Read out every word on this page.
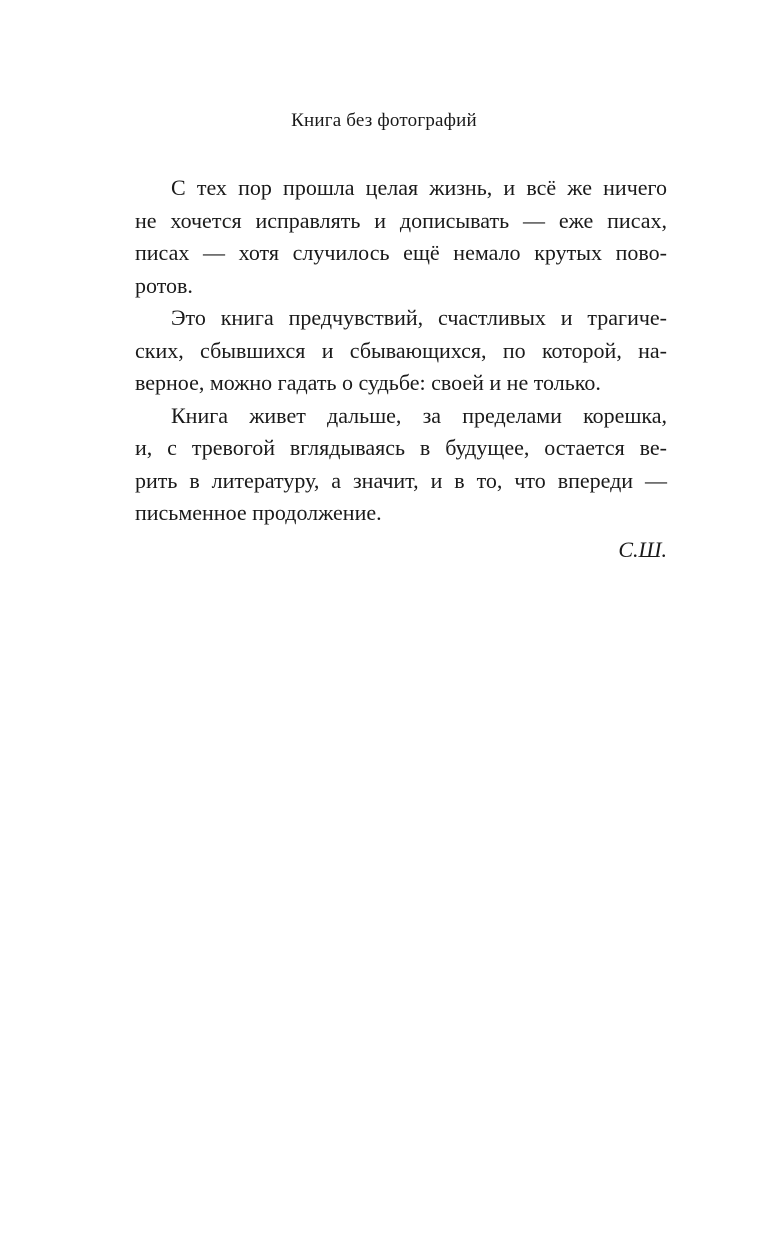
Книга без фотографий
С тех пор прошла целая жизнь, и всё же ничего
не хочется исправлять и дописывать — еже писах,
писах — хотя случилось ещё немало крутых пово-
ротов.
Это книга предчувствий, счастливых и трагиче-
ских, сбывшихся и сбывающихся, по которой, на-
верное, можно гадать о судьбе: своей и не только.
Книга живет дальше, за пределами корешка,
и, с тревогой вглядываясь в будущее, остается ве-
рить в литературу, а значит, и в то, что впереди —
письменное продолжение.
С.Ш.
